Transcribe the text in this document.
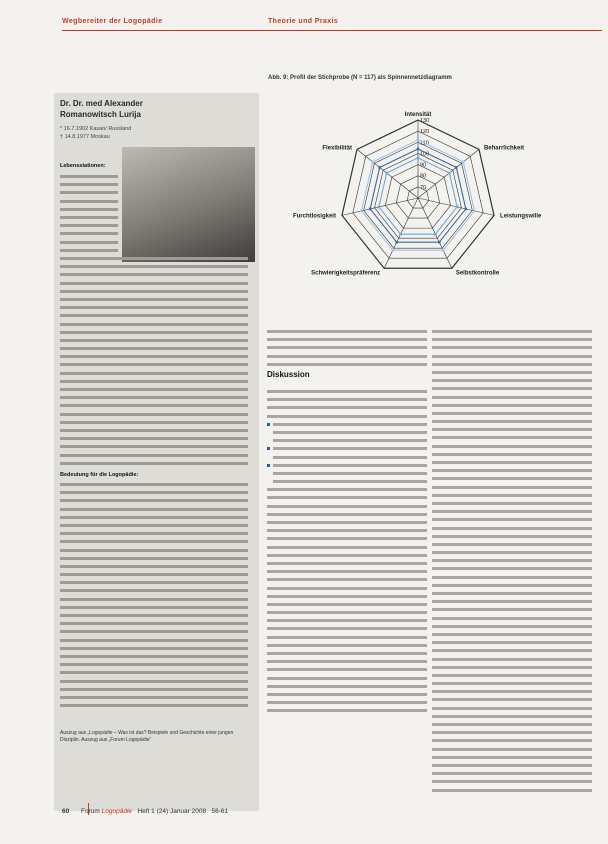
Wegbereiter der Logopädie	Theorie und Praxis
Dr. Dr. med Alexander Romanowitsch Lurija
* 16.7.1902 Kasan/ Russland
† 14.8.1977 Moskau
Lebensstationen:
Bedeutung für die Logopädie:
Auszug aus „Logopädie – Was ist das? Beispiele und Geschichte einer jungen Disziplin. Auszug aus „Forum Logopädie“
Abb. 9: Profil der Stichprobe (N = 117) als Spinnennetzdiagramm
70
80
90
100
110
120
130
Intensität
Beharrlichkeit
Leistungswille
Selbstkontrolle
Schwierigkeitspräferenz
Furchtlosigkeit
Flexibilität
Diskussion
60 Forum Logopädie Heft 1 (24) Januar 2008 56-61
